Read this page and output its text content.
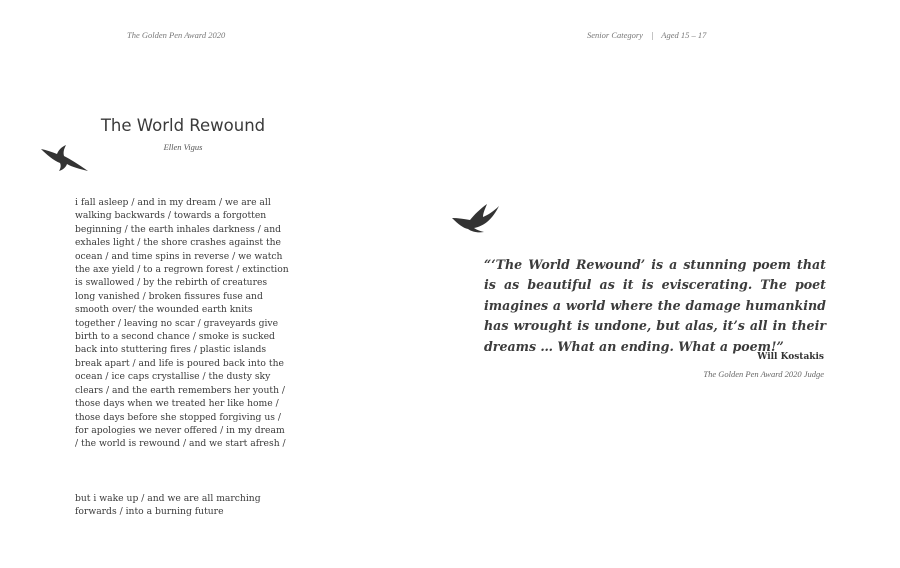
The Golden Pen Award 2020	Senior Category | Aged 15 – 17
The World Rewound
Ellen Vigus

i fall asleep / and in my dream / we are all walking backwards / towards a forgotten beginning / the earth inhales darkness / and exhales light / the shore crashes against the ocean / and time spins in reverse / we watch the axe yield / to a regrown forest / extinction is swallowed / by the rebirth of creatures long vanished / broken fissures fuse and smooth over/ the wounded earth knits together / leaving no scar / graveyards give birth to a second chance / smoke is sucked back into stuttering fires / plastic islands break apart / and life is poured back into the ocean / ice caps crystallise / the dusty sky clears / and the earth remembers her youth / those days when we treated her like home / those days before she stopped forgiving us / for apologies we never offered / in my dream / the world is rewound / and we start afresh /

but i wake up / and we are all marching forwards / into a burning future

“‘The World Rewound’ is a stunning poem that is as beautiful as it is eviscerating. The poet imagines a world where the damage humankind has wrought is undone, but alas, it’s all in their dreams … What an ending. What a poem!”
Will Kostakis
The Golden Pen Award 2020 Judge
